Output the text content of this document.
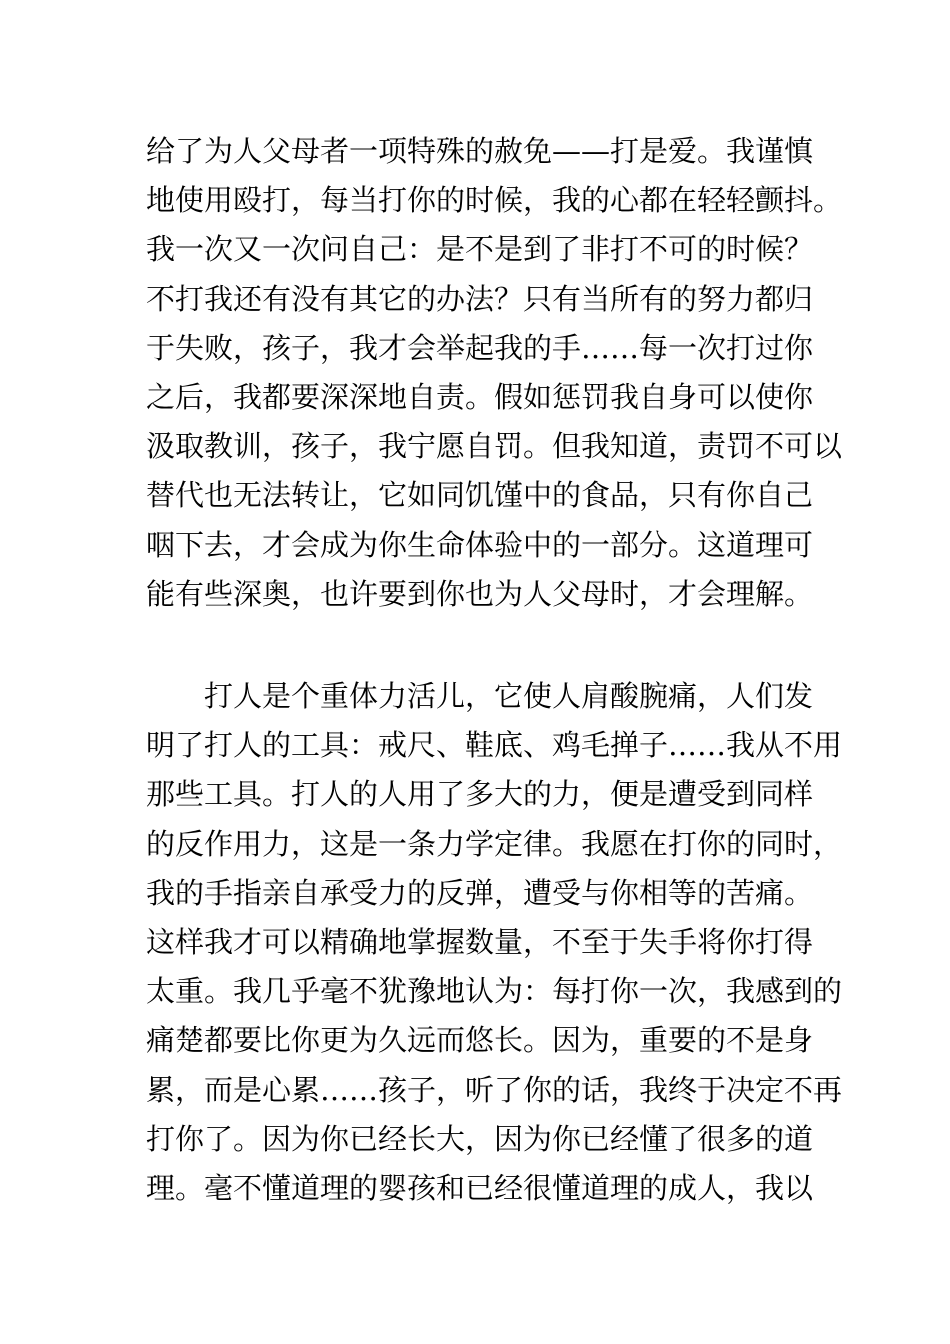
给了为人父母者一项特殊的赦免——打是爱。我谨慎
地使用殴打，每当打你的时候，我的心都在轻轻颤抖。
我一次又一次问自己：是不是到了非打不可的时候？
不打我还有没有其它的办法？只有当所有的努力都归
于失败，孩子，我才会举起我的手……每一次打过你
之后，我都要深深地自责。假如惩罚我自身可以使你
汲取教训，孩子，我宁愿自罚。但我知道，责罚不可以
替代也无法转让，它如同饥馑中的食品，只有你自己
咽下去，才会成为你生命体验中的一部分。这道理可
能有些深奥，也许要到你也为人父母时，才会理解。
打人是个重体力活儿，它使人肩酸腕痛，人们发
明了打人的工具：戒尺、鞋底、鸡毛掸子……我从不用
那些工具。打人的人用了多大的力，便是遭受到同样
的反作用力，这是一条力学定律。我愿在打你的同时，
我的手指亲自承受力的反弹，遭受与你相等的苦痛。
这样我才可以精确地掌握数量，不至于失手将你打得
太重。我几乎毫不犹豫地认为：每打你一次，我感到的
痛楚都要比你更为久远而悠长。因为，重要的不是身
累，而是心累……孩子，听了你的话，我终于决定不再
打你了。因为你已经长大，因为你已经懂了很多的道
理。毫不懂道理的婴孩和已经很懂道理的成人，我以
